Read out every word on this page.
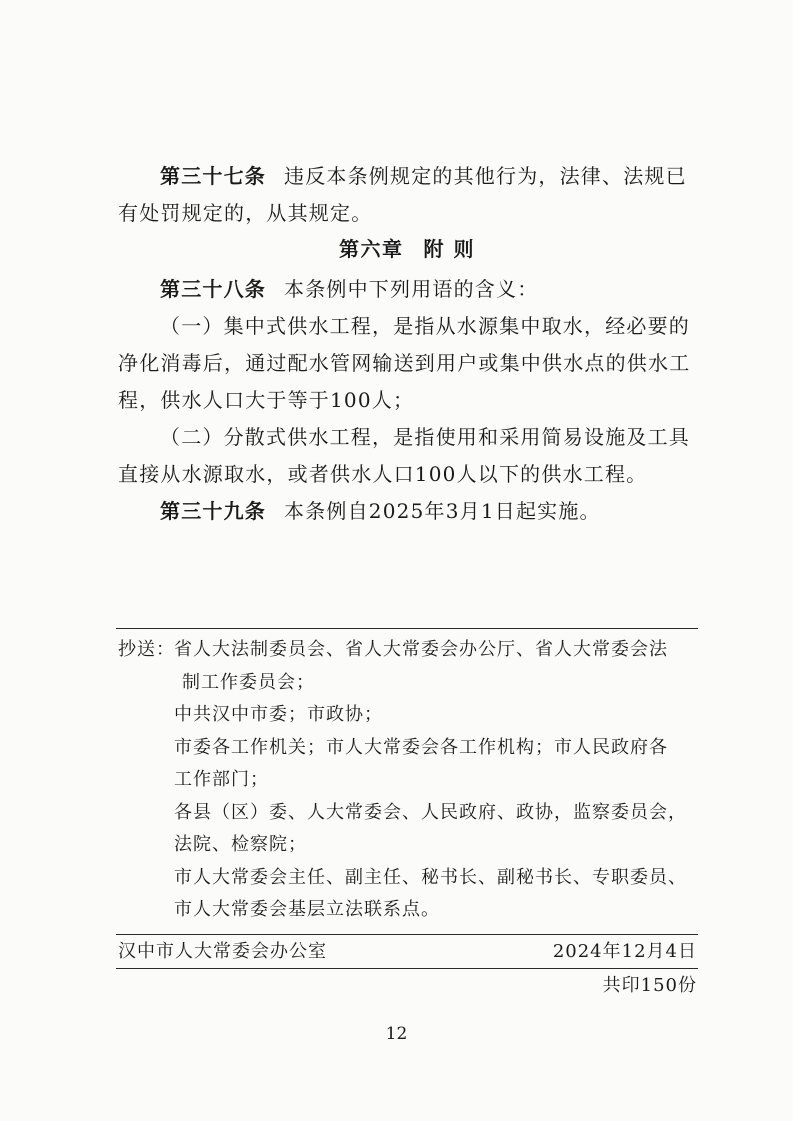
第三十七条 违反本条例规定的其他行为，法律、法规已有处罚规定的，从其规定。

第六章 附 则

第三十八条 本条例中下列用语的含义：

（一）集中式供水工程，是指从水源集中取水，经必要的净化消毒后，通过配水管网输送到用户或集中供水点的供水工程，供水人口大于等于100人；

（二）分散式供水工程，是指使用和采用简易设施及工具直接从水源取水，或者供水人口100人以下的供水工程。

第三十九条 本条例自2025年3月1日起实施。

抄送： 省人大法制委员会、省人大常委会办公厅、省人大常委会法
制工作委员会；
中共汉中市委；市政协；
市委各工作机关；市人大常委会各工作机构；市人民政府各
工作部门；
各县（区）委、人大常委会、人民政府、政协，监察委员会，
法院、检察院；
市人大常委会主任、副主任、秘书长、副秘书长、专职委员、
市人大常委会基层立法联系点。
汉中市人大常委会办公室	2024年12月4日
共印150份
12
